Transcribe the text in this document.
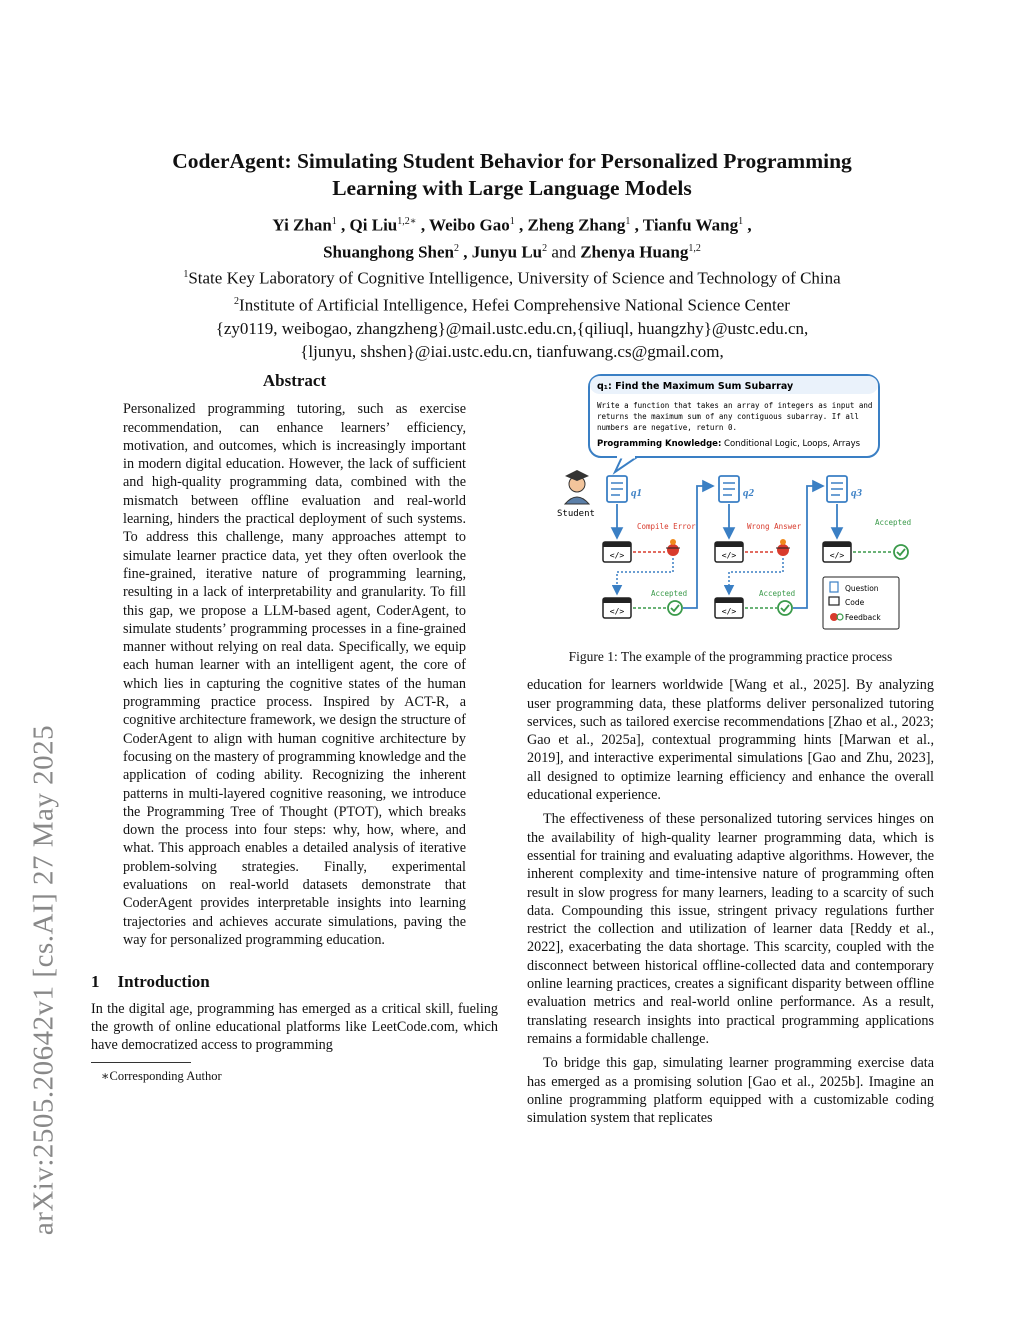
arXiv:2505.20642v1 [cs.AI] 27 May 2025
CoderAgent: Simulating Student Behavior for Personalized Programming
Learning with Large Language Models
Yi Zhan$^1$ , Qi Liu$^{1,2∗}$ , Weibo Gao$^1$ , Zheng Zhang$^1$ , Tianfu Wang$^1$ ,
Shuanghong Shen$^2$ , Junyu Lu$^2$ and Zhenya Huang$^{1,2}$
$^1$State Key Laboratory of Cognitive Intelligence, University of Science and Technology of China
$^2$Institute of Artificial Intelligence, Hefei Comprehensive National Science Center
{zy0119, weibogao, zhangzheng}@mail.ustc.edu.cn,{qiliuql, huangzhy}@ustc.edu.cn,
{ljunyu, shshen}@iai.ustc.edu.cn, tianfuwang.cs@gmail.com,
Abstract

Personalized programming tutoring, such as exercise recommendation, can enhance learners’ efficiency, motivation, and outcomes, which is increasingly important in modern digital education. However, the lack of sufficient and high-quality programming data, combined with the mismatch between offline evaluation and real-world learning, hinders the practical deployment of such systems. To address this challenge, many approaches attempt to simulate learner practice data, yet they often overlook the fine-grained, iterative nature of programming learning, resulting in a lack of interpretability and granularity. To fill this gap, we propose a LLM-based agent, CoderAgent, to simulate students’ programming processes in a fine-grained manner without relying on real data. Specifically, we equip each human learner with an intelligent agent, the core of which lies in capturing the cognitive states of the human programming practice process. Inspired by ACT-R, a cognitive architecture framework, we design the structure of CoderAgent to align with human cognitive architecture by focusing on the mastery of programming knowledge and the application of coding ability. Recognizing the inherent patterns in multi-layered cognitive reasoning, we introduce the Programming Tree of Thought (PTOT), which breaks down the process into four steps: why, how, where, and what. This approach enables a detailed analysis of iterative problem-solving strategies. Finally, experimental evaluations on real-world datasets demonstrate that CoderAgent provides interpretable insights into learning trajectories and achieves accurate simulations, paving the way for personalized programming education.

1 Introduction

In the digital age, programming has emerged as a critical skill, fueling the growth of online educational platforms like LeetCode.com, which have democratized access to programming

∗Corresponding Author
q₁: Find the Maximum Sum Subarray
Write a function that takes an array of integers as input and
returns the maximum sum of any contiguous subarray. If all
numbers are negative, return 0.
Programming Knowledge: Conditional Logic, Loops, Arrays
Student
q1	q2	q3
</>	</>	</>
Compile Error	Wrong Answer	Accepted
</>	</>
Accepted	Accepted
Question
Code
Feedback
Figure 1: The example of the programming practice process

education for learners worldwide [Wang et al., 2025]. By analyzing user programming data, these platforms deliver personalized tutoring services, such as tailored exercise recommendations [Zhao et al., 2023; Gao et al., 2025a], contextual programming hints [Marwan et al., 2019], and interactive experimental simulations [Gao and Zhu, 2023], all designed to optimize learning efficiency and enhance the overall educational experience.

The effectiveness of these personalized tutoring services hinges on the availability of high-quality learner programming data, which is essential for training and evaluating adaptive algorithms. However, the inherent complexity and time-intensive nature of programming often result in slow progress for many learners, leading to a scarcity of such data. Compounding this issue, stringent privacy regulations further restrict the collection and utilization of learner data [Reddy et al., 2022], exacerbating the data shortage. This scarcity, coupled with the disconnect between historical offline-collected data and contemporary online learning practices, creates a significant disparity between offline evaluation metrics and real-world online performance. As a result, translating research insights into practical programming applications remains a formidable challenge.

To bridge this gap, simulating learner programming exercise data has emerged as a promising solution [Gao et al., 2025b]. Imagine an online programming platform equipped with a customizable coding simulation system that replicates
